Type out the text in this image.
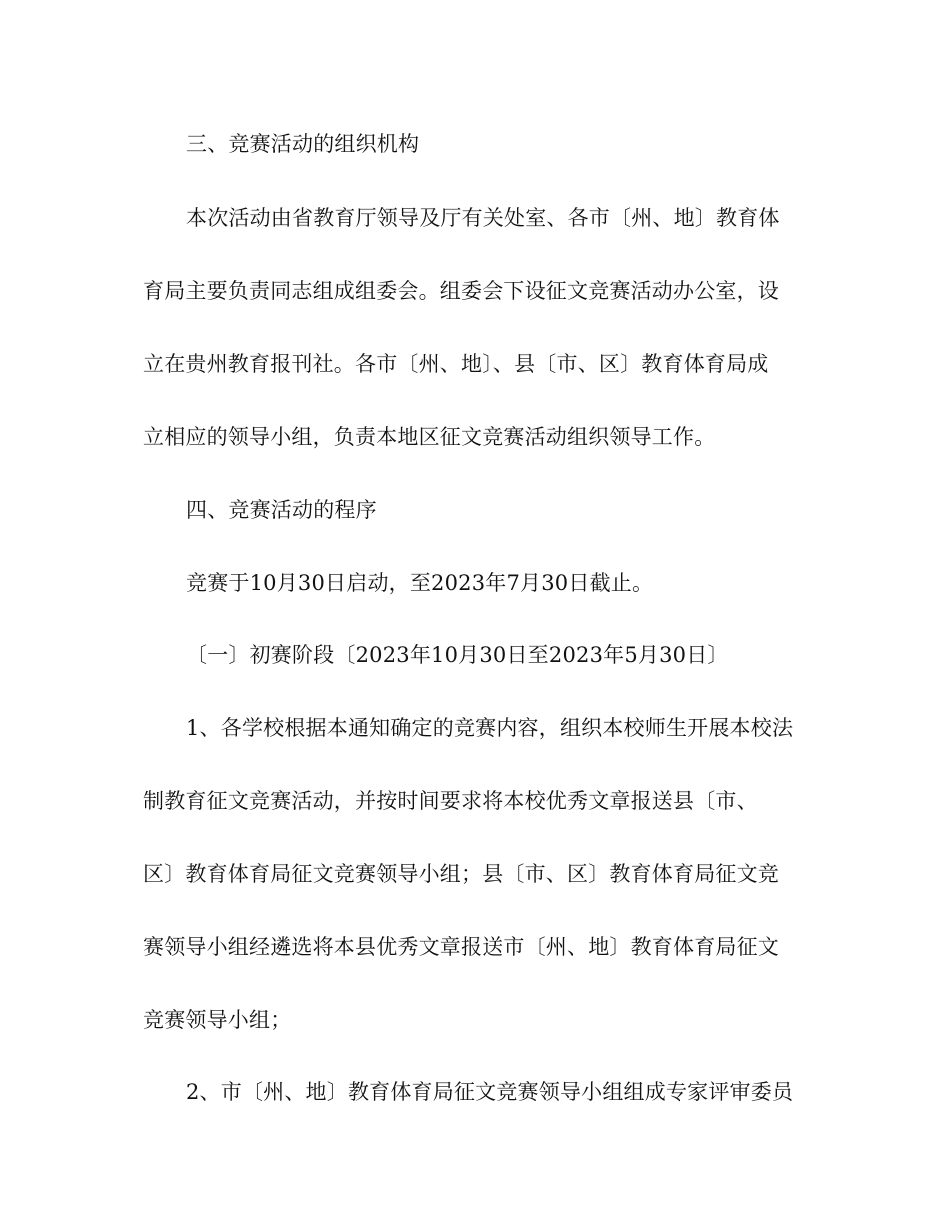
三、竞赛活动的组织机构
本次活动由省教育厅领导及厅有关处室、各市〔州、地〕教育体
育局主要负责同志组成组委会。组委会下设征文竞赛活动办公室，设
立在贵州教育报刊社。各市〔州、地〕、县〔市、区〕教育体育局成
立相应的领导小组，负责本地区征文竞赛活动组织领导工作。
四、竞赛活动的程序
竞赛于10月30日启动，至2023年7月30日截止。
〔一〕初赛阶段〔2023年10月30日至2023年5月30日〕
1、各学校根据本通知确定的竞赛内容，组织本校师生开展本校法
制教育征文竞赛活动，并按时间要求将本校优秀文章报送县〔市、
区〕教育体育局征文竞赛领导小组；县〔市、区〕教育体育局征文竞
赛领导小组经遴选将本县优秀文章报送市〔州、地〕教育体育局征文
竞赛领导小组；
2、市〔州、地〕教育体育局征文竞赛领导小组组成专家评审委员
